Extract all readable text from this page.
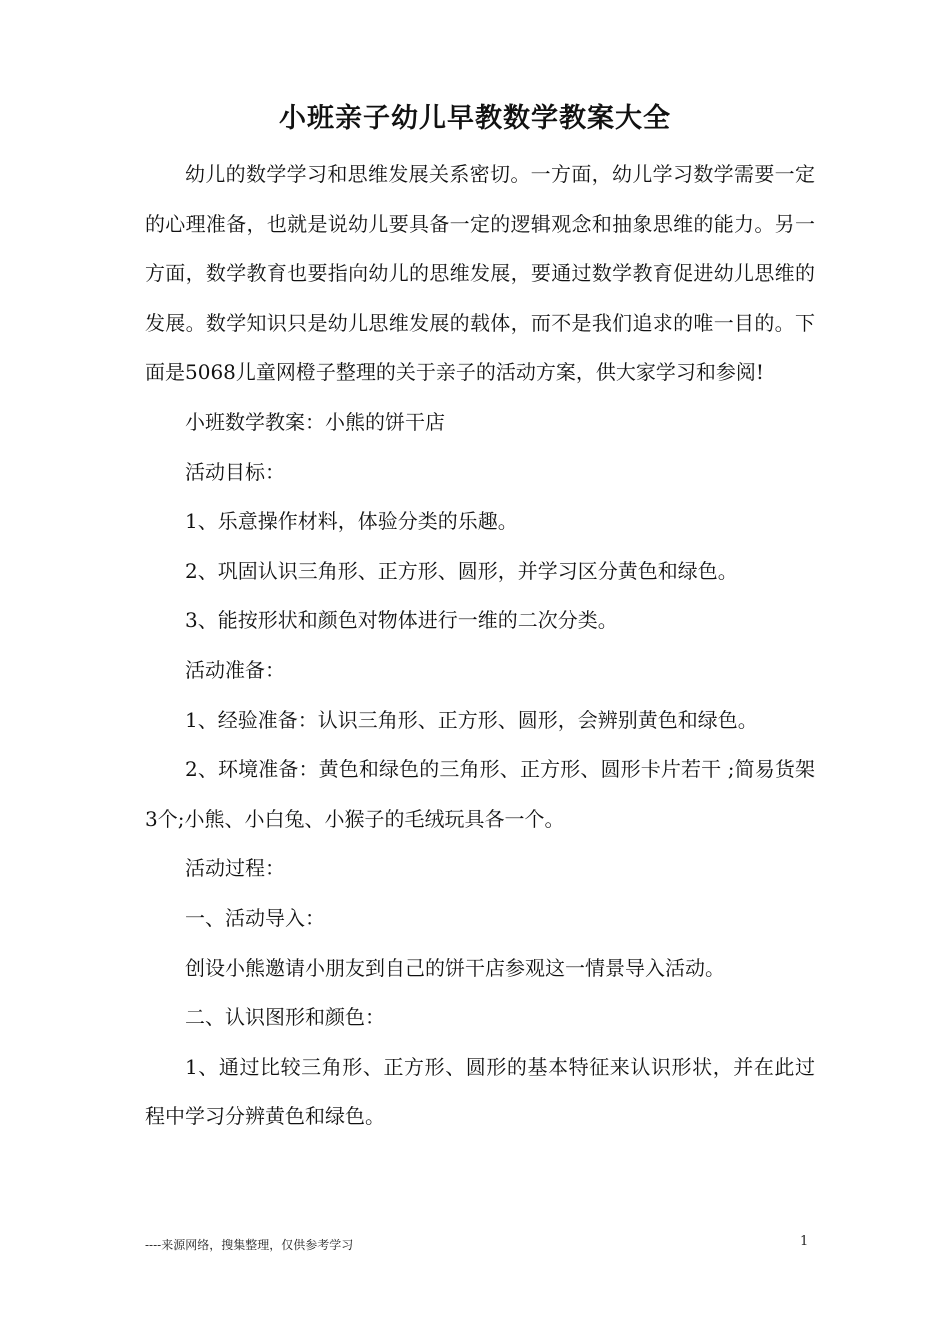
小班亲子幼儿早教数学教案大全

幼儿的数学学习和思维发展关系密切。一方面，幼儿学习数学需要一定的心理准备，也就是说幼儿要具备一定的逻辑观念和抽象思维的能力。另一方面，数学教育也要指向幼儿的思维发展，要通过数学教育促进幼儿思维的发展。数学知识只是幼儿思维发展的载体，而不是我们追求的唯一目的。下面是5068儿童网橙子整理的关于亲子的活动方案，供大家学习和参阅!

小班数学教案：小熊的饼干店

活动目标：

1、乐意操作材料，体验分类的乐趣。

2、巩固认识三角形、正方形、圆形，并学习区分黄色和绿色。

3、能按形状和颜色对物体进行一维的二次分类。

活动准备：

1、经验准备：认识三角形、正方形、圆形，会辨别黄色和绿色。

2、环境准备：黄色和绿色的三角形、正方形、圆形卡片若干 ;简易货架3个;小熊、小白兔、小猴子的毛绒玩具各一个。

活动过程：

一、活动导入：

创设小熊邀请小朋友到自己的饼干店参观这一情景导入活动。

二、认识图形和颜色：

1、通过比较三角形、正方形、圆形的基本特征来认识形状，并在此过程中学习分辨黄色和绿色。

----来源网络，搜集整理，仅供参考学习	1
